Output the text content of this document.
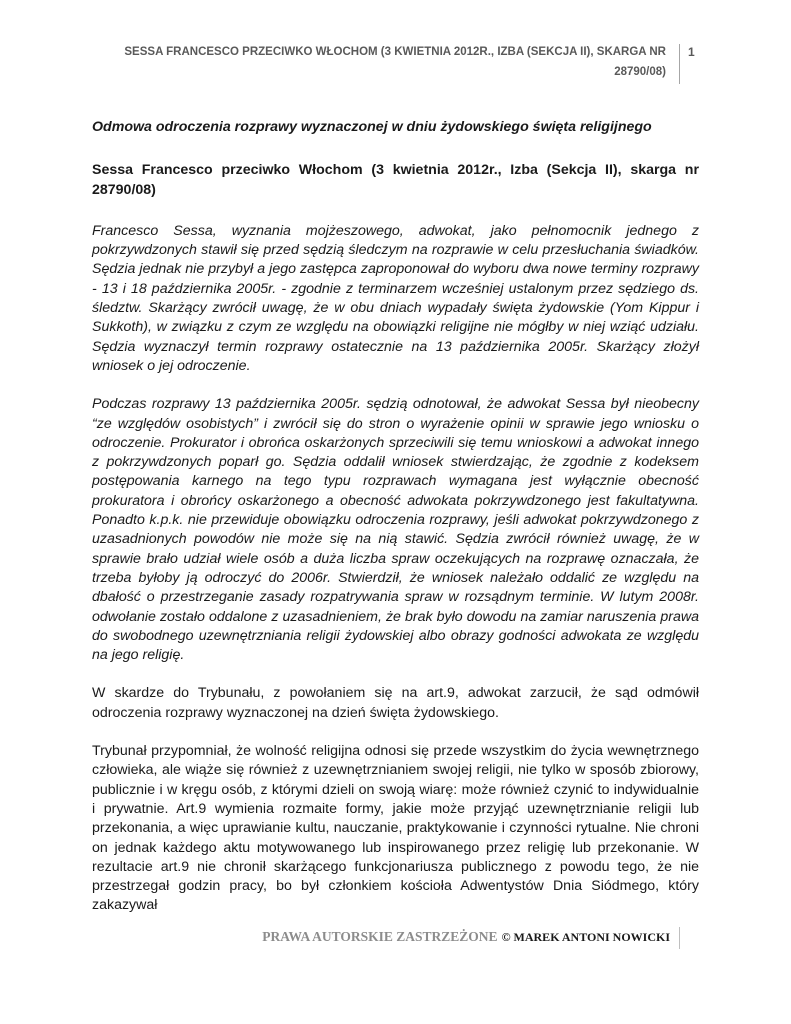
SESSA FRANCESCO PRZECIWKO WŁOCHOM (3 KWIETNIA 2012R., IZBA (SEKCJA II), SKARGA NR 28790/08)
1

Odmowa odroczenia rozprawy wyznaczonej w dniu żydowskiego święta religijnego

Sessa Francesco przeciwko Włochom (3 kwietnia 2012r., Izba (Sekcja II), skarga nr 28790/08)

Francesco Sessa, wyznania mojżeszowego, adwokat, jako pełnomocnik jednego z pokrzywdzonych stawił się przed sędzią śledczym na rozprawie w celu przesłuchania świadków. Sędzia jednak nie przybył a jego zastępca zaproponował do wyboru dwa nowe terminy rozprawy - 13 i 18 października 2005r. - zgodnie z terminarzem wcześniej ustalonym przez sędziego ds. śledztw. Skarżący zwrócił uwagę, że w obu dniach wypadały święta żydowskie (Yom Kippur i Sukkoth), w związku z czym ze względu na obowiązki religijne nie mógłby w niej wziąć udziału. Sędzia wyznaczył termin rozprawy ostatecznie na 13 października 2005r. Skarżący złożył wniosek o jej odroczenie.

Podczas rozprawy 13 października 2005r. sędzią odnotował, że adwokat Sessa był nieobecny “ze względów osobistych” i zwrócił się do stron o wyrażenie opinii w sprawie jego wniosku o odroczenie. Prokurator i obrońca oskarżonych sprzeciwili się temu wnioskowi a adwokat innego z pokrzywdzonych poparł go. Sędzia oddalił wniosek stwierdzając, że zgodnie z kodeksem postępowania karnego na tego typu rozprawach wymagana jest wyłącznie obecność prokuratora i obrońcy oskarżonego a obecność adwokata pokrzywdzonego jest fakultatywna. Ponadto k.p.k. nie przewiduje obowiązku odroczenia rozprawy, jeśli adwokat pokrzywdzonego z uzasadnionych powodów nie może się na nią stawić. Sędzia zwrócił również uwagę, że w sprawie brało udział wiele osób a duża liczba spraw oczekujących na rozprawę oznaczała, że trzeba byłoby ją odroczyć do 2006r. Stwierdził, że wniosek należało oddalić ze względu na dbałość o przestrzeganie zasady rozpatrywania spraw w rozsądnym terminie. W lutym 2008r. odwołanie zostało oddalone z uzasadnieniem, że brak było dowodu na zamiar naruszenia prawa do swobodnego uzewnętrzniania religii żydowskiej albo obrazy godności adwokata ze względu na jego religię.

W skardze do Trybunału, z powołaniem się na art.9, adwokat zarzucił, że sąd odmówił odroczenia rozprawy wyznaczonej na dzień święta żydowskiego.

Trybunał przypomniał, że wolność religijna odnosi się przede wszystkim do życia wewnętrznego człowieka, ale wiąże się również z uzewnętrznianiem swojej religii, nie tylko w sposób zbiorowy, publicznie i w kręgu osób, z którymi dzieli on swoją wiarę: może również czynić to indywidualnie i prywatnie. Art.9 wymienia rozmaite formy, jakie może przyjąć uzewnętrznianie religii lub przekonania, a więc uprawianie kultu, nauczanie, praktykowanie i czynności rytualne. Nie chroni on jednak każdego aktu motywowanego lub inspirowanego przez religię lub przekonanie. W rezultacie art.9 nie chronił skarżącego funkcjonariusza publicznego z powodu tego, że nie przestrzegał godzin pracy, bo był członkiem kościoła Adwentystów Dnia Siódmego, który zakazywał

PRAWA AUTORSKIE ZASTRZEŻONE © MAREK ANTONI NOWICKI
